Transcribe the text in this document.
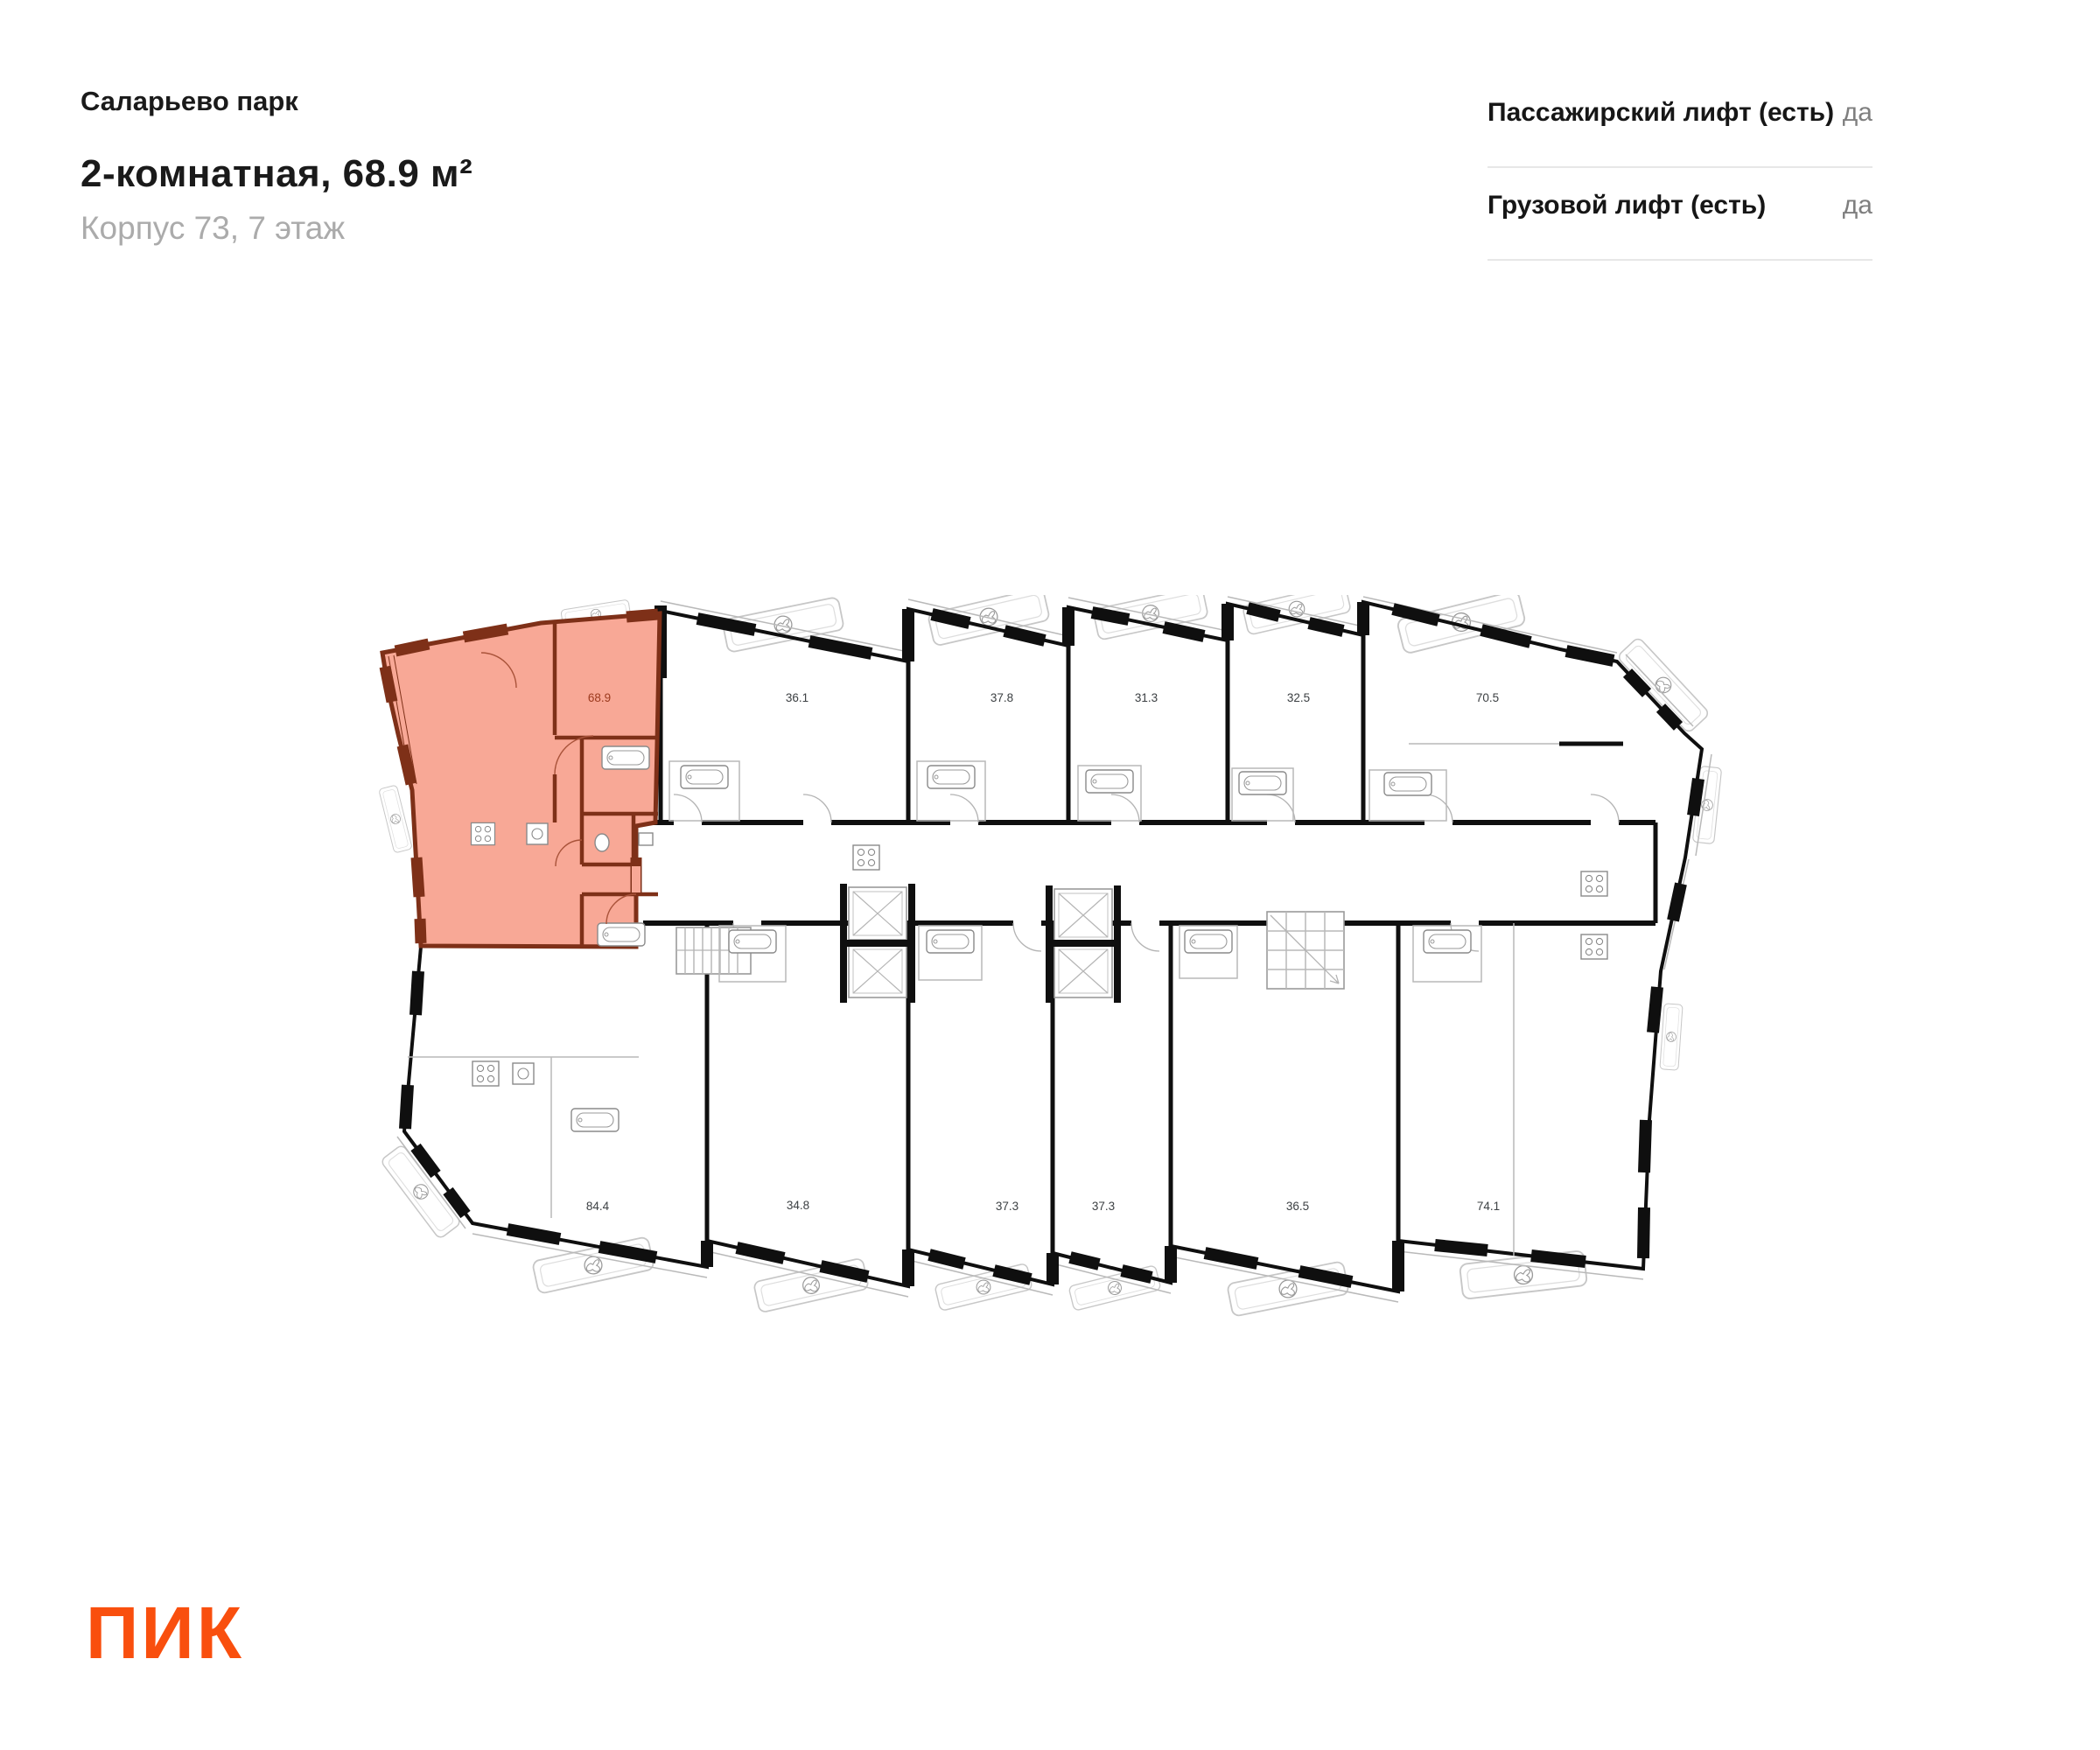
Саларьево парк
2-комнатная, 68.9 м²
Корпус 73, 7 этаж
Пассажирский лифт (есть) да
Грузовой лифт (есть)	да
68.9	36.1	37.8	31.3	32.5	70.5
84.4	34.8	37.3	37.3	36.5	74.1
ПИК
